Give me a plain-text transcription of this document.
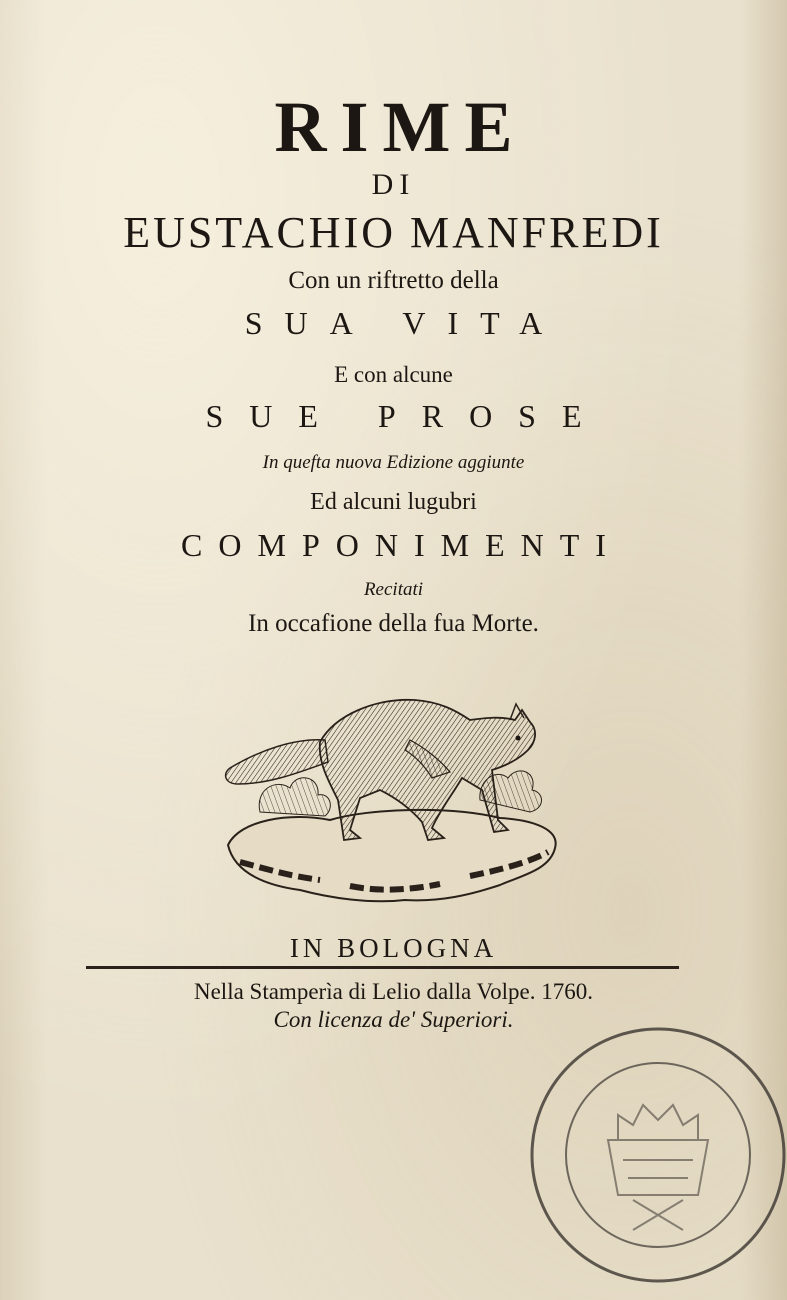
RIME
DI
EUSTACHIO MANFREDI
Con un riftretto della
SUA VITA
E con alcune
SUE PROSE
In quefta nuova Edizione aggiunte
Ed alcuni lugubri
COMPONIMENTI
Recitati
In occafione della fua Morte.
IN BOLOGNA
Nella Stamperìa di Lelio dalla Volpe. 1760.
Con licenza de' Superiori.
